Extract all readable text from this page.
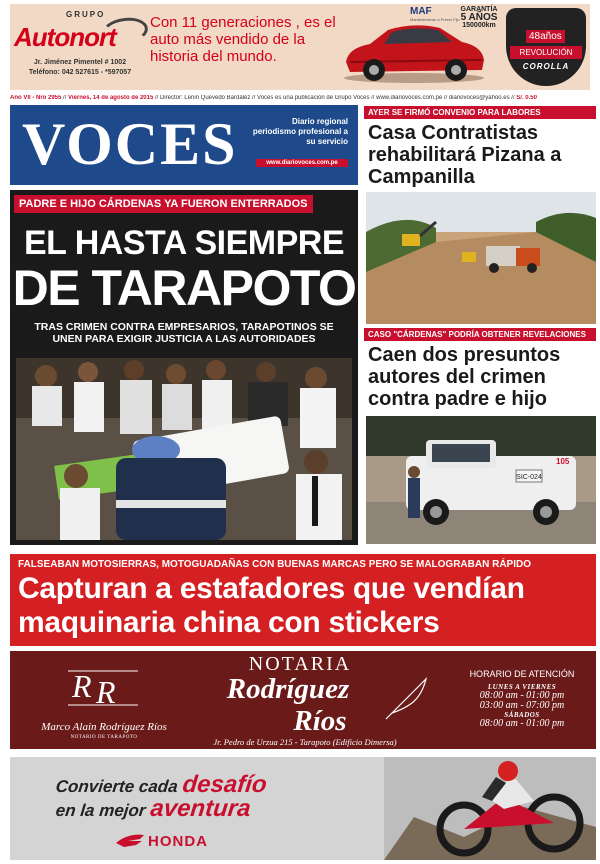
GRUPO
Autonort
Jr. Jiménez Pimentel # 1002
Teléfono: 042 527615 - *597057
Con 11 generaciones , es el auto más vendido de la historia del mundo.
MAF
Mantenimiento a Precio Fijo
GARANTÍA
5 AÑOS
150000km
48años
REVOLUCIÓN
COROLLA
Año VII - Nro 2955 // Viernes, 14 de agosto de 2015 // Director: Lenin Quevedo Bardález // Voces es una publicación de Grupo Voces // www.diariovoces.com.pe // diariovoces@yahoo.es // S/. 0.50
VOCES	Diario regional periodismo profesional a su servicio
www.diariovoces.com.pe
PADRE E HIJO CÁRDENAS YA FUERON ENTERRADOS
EL HASTA SIEMPRE
DE TARAPOTO
TRAS CRIMEN CONTRA EMPRESARIOS, TARAPOTINOS SE UNEN PARA EXIGIR JUSTICIA A LAS AUTORIDADES
AYER SE FIRMÓ CONVENIO PARA LABORES
Casa Contratistas rehabilitará Pizana a Campanilla
CASO "CÁRDENAS" PODRÍA OBTENER REVELACIONES
Caen dos presuntos autores del crimen contra padre e hijo
SIC-024
105
FALSEABAN MOTOSIERRAS, MOTOGUADAÑAS CON BUENAS MARCAS PERO SE MALOGRABAN RÁPIDO
Capturan a estafadores que vendían maquinaria china con stickers
R R
Marco Alain Rodríguez Ríos
NOTARIO DE TARAPOTO
NOTARIA
Rodríguez
Ríos
Jr. Pedro de Urzua 215 - Tarapoto (Edificio Dimersa)
HORARIO DE ATENCIÓN
LUNES A VIERNES
08:00 am - 01:00 pm
03:00 am - 07:00 pm
SÁBADOS
08:00 am - 01:00 pm
Convierte cada desafío
en la mejor aventura
HONDA
